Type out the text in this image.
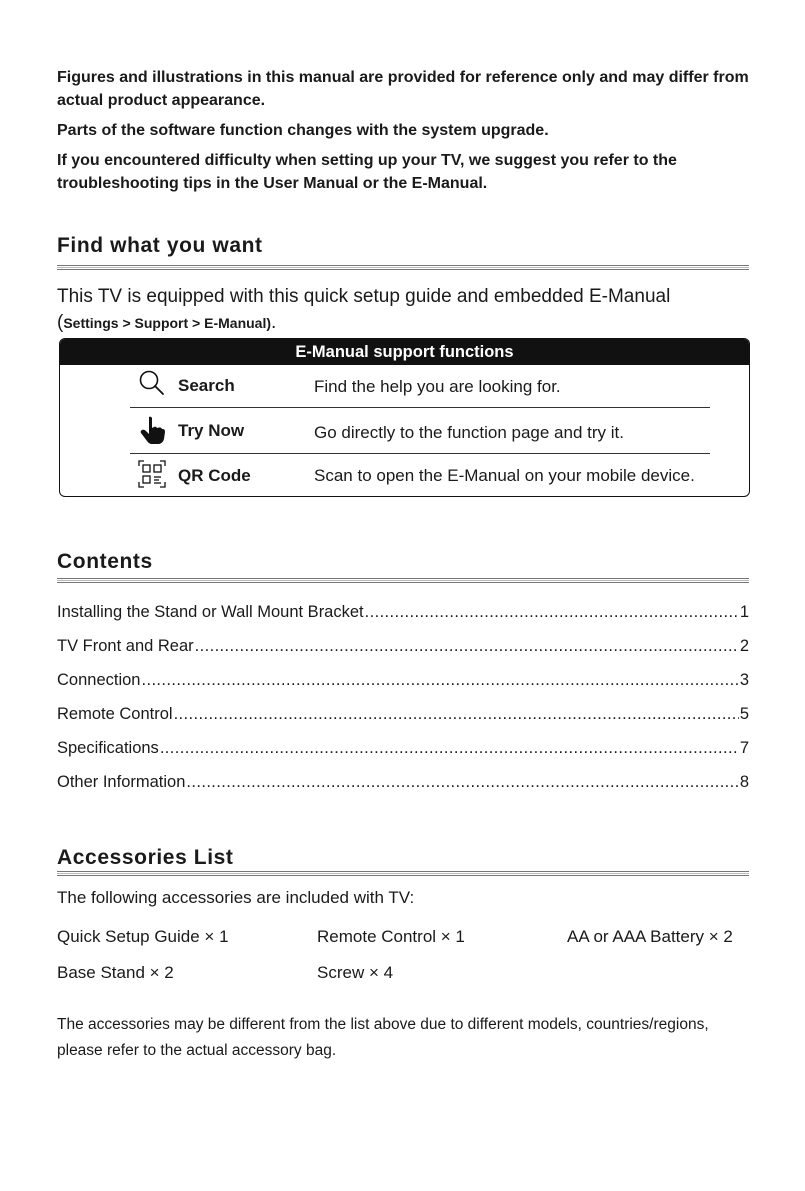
Figures and illustrations in this manual are provided for reference only and may differ from actual product appearance.

Parts of the software function changes with the system upgrade.

If you encountered difficulty when setting up your TV, we suggest you refer to the troubleshooting tips in the User Manual or the E-Manual.

Find what you want
This TV is equipped with this quick setup guide and embedded E-Manual
(Settings > Support > E-Manual).
E-Manual support functions
Search	Find the help you are looking for.
Try Now	Go directly to the function page and try it.
QR Code	Scan to open the E-Manual on your mobile device.
Contents
Installing the Stand or Wall Mount Bracket .....	1
TV Front and Rear .....	2
Connection .....	3
Remote Control .....	5
Specifications .....	7
Other Information .....	8
Accessories List
The following accessories are included with TV:
Quick Setup Guide × 1	Remote Control × 1	AA or AAA Battery × 2
Base Stand × 2	Screw × 4
The accessories may be different from the list above due to different models, countries/regions, please refer to the actual accessory bag.
